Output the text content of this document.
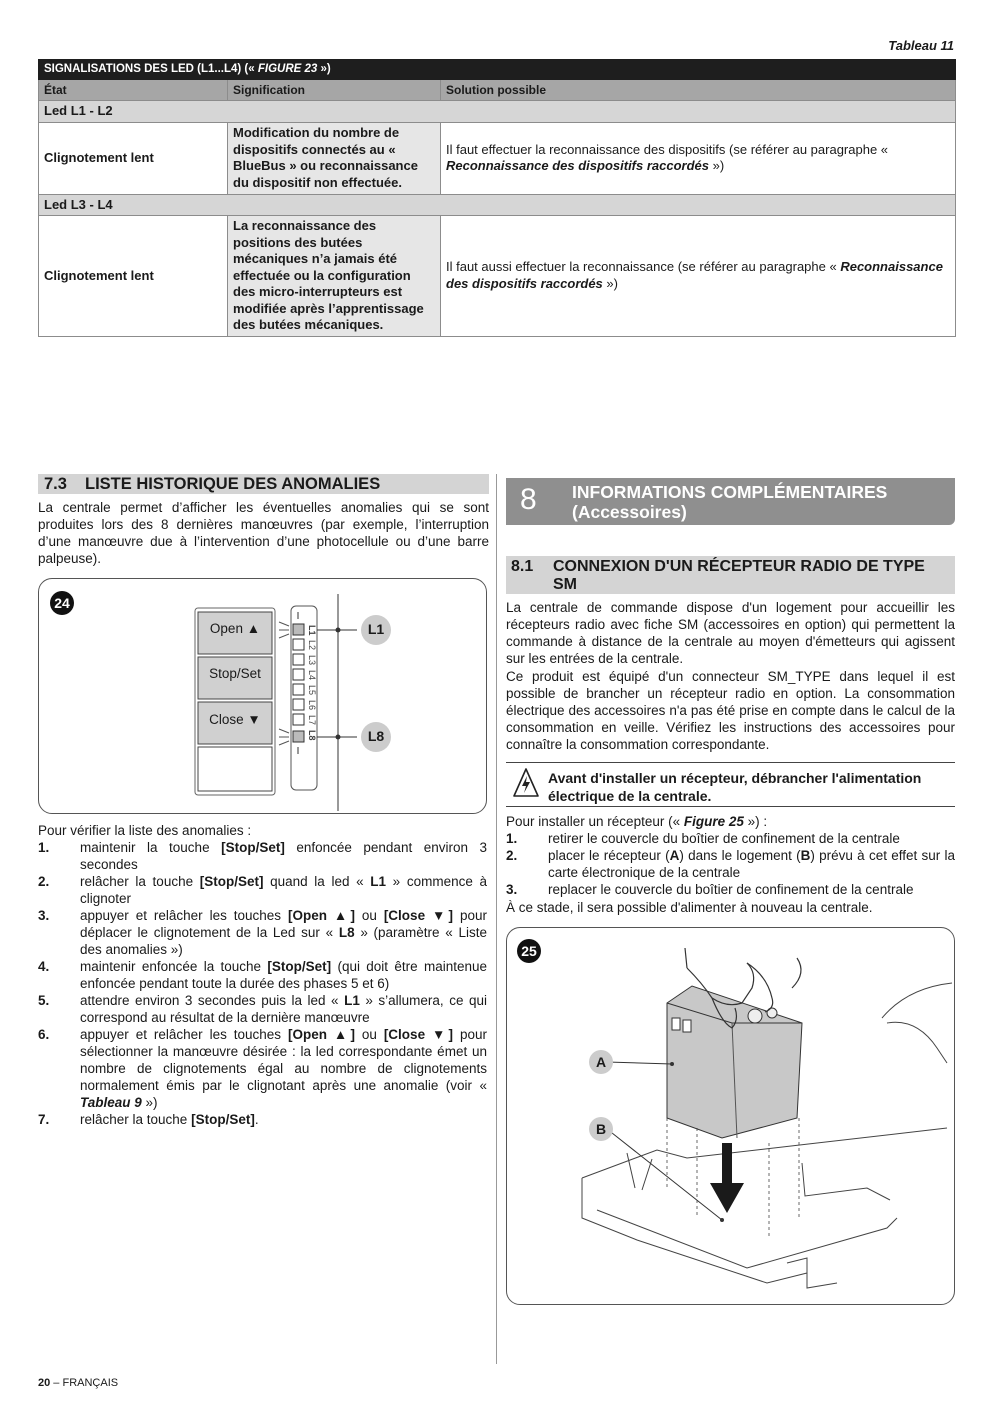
Tableau 11
SIGNALISATIONS DES LED (L1...L4) (« FIGURE 23 »)		
État	Signification	Solution possible
Led L1 - L2		
Clignotement lent	Modification du nombre de dispositifs connectés au « BlueBus » ou reconnaissance du dispositif non effectuée.	Il faut effectuer la reconnaissance des dispositifs (se référer au paragraphe « Reconnaissance des dispositifs raccordés »)
Led L3 - L4		
Clignotement lent	La reconnaissance des positions des butées mécaniques n’a jamais été effectuée ou la configuration des micro-interrupteurs est modifiée après l’apprentissage des butées mécaniques.	Il faut aussi effectuer la reconnaissance (se référer au paragraphe « Reconnaissance des dispositifs raccordés »)
7.3 LISTE HISTORIQUE DES ANOMALIES
La centrale permet d’afficher les éventuelles anomalies qui se sont produites lors des 8 dernières manœuvres (par exemple, l’interruption d’une manœuvre due à l’intervention d’une photocellule ou d’une barre palpeuse).
24
Open ▲
Stop/Set
Close ▼
L1
L2
L3
L4
L5
L6
L7
L8
L1
L8
Pour vérifier la liste des anomalies :
1.	maintenir la touche [Stop/Set] enfoncée pendant environ 3 secondes
2.	relâcher la touche [Stop/Set] quand la led « L1 » commence à clignoter
3.	appuyer et relâcher les touches [Open ▲] ou [Close ▼] pour déplacer le clignotement de la Led sur « L8 » (paramètre « Liste des anomalies »)
4.	maintenir enfoncée la touche [Stop/Set] (qui doit être maintenue enfoncée pendant toute la durée des phases 5 et 6)
5.	attendre environ 3 secondes puis la led « L1 » s’allumera, ce qui correspond au résultat de la dernière manœuvre
6.	appuyer et relâcher les touches [Open ▲] ou [Close ▼] pour sélectionner la manœuvre désirée : la led correspondante émet un nombre de clignotements égal au nombre de clignotements normalement émis par le clignotant après une anomalie (voir « Tableau 9 »)
7.	relâcher la touche [Stop/Set].
8 INFORMATIONS COMPLÉMENTAIRES
(Accessoires)
8.1 CONNEXION D'UN RÉCEPTEUR RADIO DE TYPE SM
La centrale de commande dispose d'un logement pour accueillir les récepteurs radio avec fiche SM (accessoires en option) qui permettent la commande à distance de la centrale au moyen d'émetteurs qui agissent sur les entrées de la centrale.
Ce produit est équipé d'un connecteur SM_TYPE dans lequel il est possible de brancher un récepteur radio en option. La consommation électrique des accessoires n'a pas été prise en compte dans le calcul de la consommation en veille. Vérifiez les instructions des accessoires pour connaître la consommation correspondante.
Avant d'installer un récepteur, débrancher l'alimentation électrique de la centrale.
Pour installer un récepteur (« Figure 25 ») :
1.	retirer le couvercle du boîtier de confinement de la centrale
2.	placer le récepteur (A) dans le logement (B) prévu à cet effet sur la carte électronique de la centrale
3.	replacer le couvercle du boîtier de confinement de la centrale
À ce stade, il sera possible d'alimenter à nouveau la centrale.
25
A
B
20 – FRANÇAIS
